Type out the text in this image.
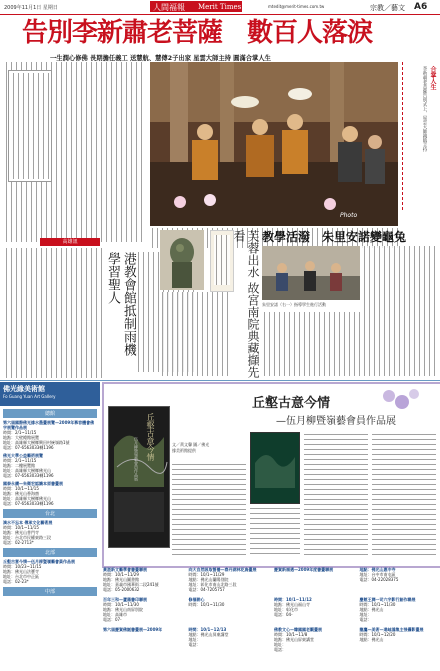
2009年11月1日 星期日	人間福報 Merit Times	mtedit@merit-times.com.tw	宗教／藝文 A6
告別李新肅老菩薩　數百人落淚
一生潤心修佛 長期擔任義工 送慧航、慧傳2子出家 星雲大師主持 圓滿合掌人生
高雄訊
Photo
合掌人生
李新肅老菩薩告別式上，星雲大師親臨主持
港教會館抵制雨機 學習聖人	芙蓉出水 故宮南院典藏擷先看	教學活潑　朱里安諾變龜兔
朱里安諾（右一）指導學生進行活動
佛光緣美術館
Fo Guang Yuan Art Gallery
總館
第六屆國際佛光緣水墨畫展覽—2009年慕容體會佛字展覽作品展
時間：2/1~11/15
地點：大壁總館展覽
地址：高雄縣大樹鄉興田村統嶺路1號
電話：07-6563033轉1196
佛光大學公益藝術展覽
時間：2/1~11/15
地點：二樓展覽館
地址：高雄縣大樹鄉佛光山
電話：07-6563033轉1196
國泰永續—朱衛宏認識本原書畫展
時間：10/1~11/15
地點：佛光山香海齋
地址：高雄縣大樹鄉佛光山
電話：07-6563033轉1196
台北
滴水不忘本 傳承文化藝術展
時間：10/1~11/15
地點：佛光山普門寺
地址：台北市民權東路三段
電話：02-2713*
北部
丘壑古意今情—伍月柳暨嶺藝會員作品展
時間：10/23~11/15
地點：佛光山法寶寺
地址：台北市中正區
電話：02-23*
中部
丘壑古意今情
伍月柳暨嶺藝會員作品展
丘壑古意今情
—伍月柳暨嶺藝會員作品展
文／黃文馨 圖／佛光緣美術館提供
黃湛新文藝學會書畫聯展
時間：10/1~11/29
地點：佛光山圖書館
地址：嘉義市國華街二段241號
電話：05-2000632
向大自然吸取營養—春丹湖林花鳥畫展
時間：10/1~11/29
地點：佛光山蘭陽別院
地址：彰化市南山北路三段
電話：04-7205757
慶賀新福邁—2009年度書畫聯展	地點：佛光山惠中寺
地址：台中市南屯區
電話：04-22028375
百年三和—蘆蕩書印聯展
時間：10/1~11/30
地點：佛光山南屏別院
地址：高雄市
電話：07-
修福耕心
時間：10/1~11/30
時間：10/1~11/12
地點：佛光山福山寺
地址：彰化市
電話：04-
慶館王潤一司六字影行創作聯展
時間：10/1~11/30
地點：佛光山
地址：
電話：
第六屆慶賀佛誕書畫展—2009年	時間：10/1~12/13
地點：佛光山屏東講堂
地址：
電話：
佛教文心—韓國國老觀畫展
時間：10/1~11/8
地點：佛光山屏東講堂
地址：
電話：
龍鷹—美術—遠岫鴻集主張攝影畫展
時間：10/1~12/20
地點：佛光山
